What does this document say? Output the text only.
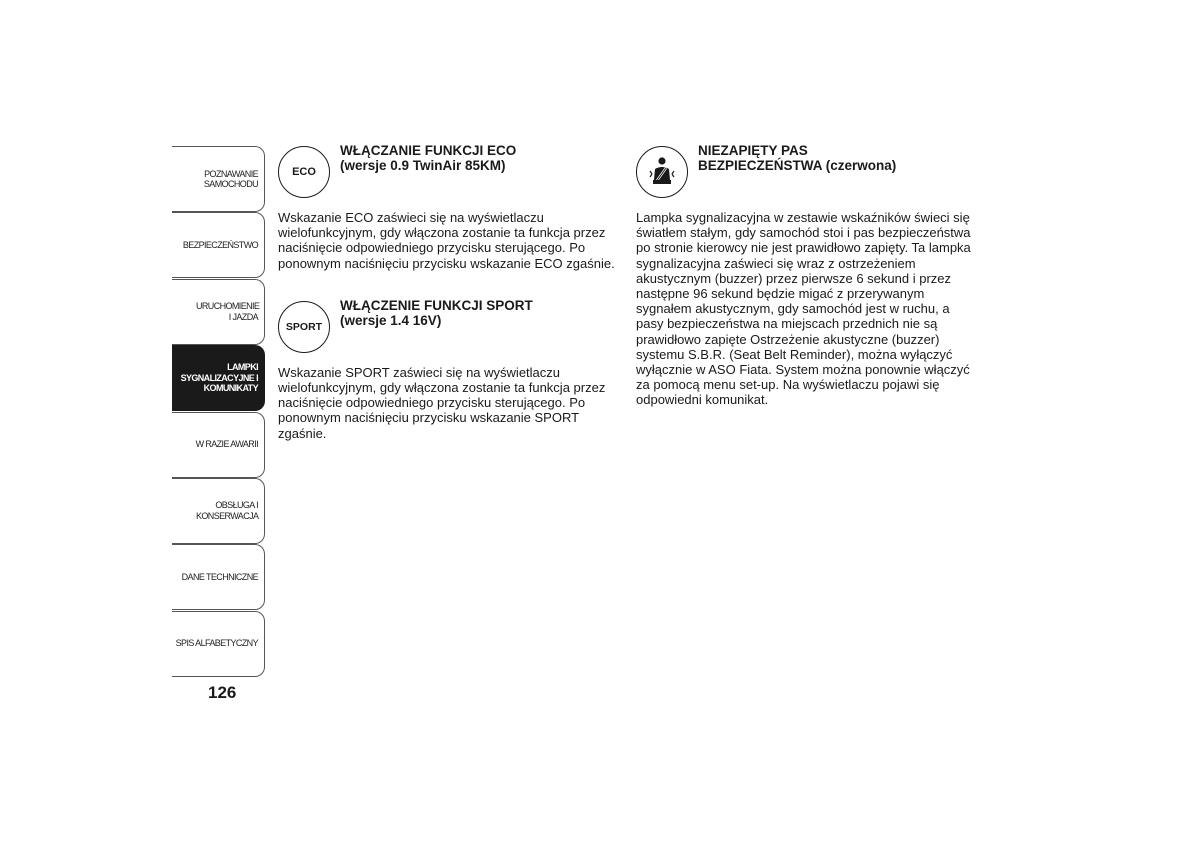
POZNAWANIE SAMOCHODU
BEZPIECZEŃSTWO
URUCHOMIENIE I JAZDA
LAMPKI SYGNALIZACYJNE I KOMUNIKATY
W RAZIE AWARII
OBSŁUGA I KONSERWACJA
DANE TECHNICZNE
SPIS ALFABETYCZNY
126
ECO
WŁĄCZANIE FUNKCJI ECO
(wersje 0.9 TwinAir 85KM)

Wskazanie ECO zaświeci się na wyświetlaczu wielofunkcyjnym, gdy włączona zostanie ta funkcja przez naciśnięcie odpowiedniego przycisku sterującego. Po ponownym naciśnięciu przycisku wskazanie ECO zgaśnie.

SPORT
WŁĄCZENIE FUNKCJI SPORT
(wersje 1.4 16V)

Wskazanie SPORT zaświeci się na wyświetlaczu wielofunkcyjnym, gdy włączona zostanie ta funkcja przez naciśnięcie odpowiedniego przycisku sterującego. Po ponownym naciśnięciu przycisku wskazanie SPORT zgaśnie.

NIEZAPIĘTY PAS
BEZPIECZEŃSTWA (czerwona)

Lampka sygnalizacyjna w zestawie wskaźników świeci się światłem stałym, gdy samochód stoi i pas bezpieczeństwa po stronie kierowcy nie jest prawidłowo zapięty. Ta lampka sygnalizacyjna zaświeci się wraz z ostrzeżeniem akustycznym (buzzer) przez pierwsze 6 sekund i przez następne 96 sekund będzie migać z przerywanym sygnałem akustycznym, gdy samochód jest w ruchu, a pasy bezpieczeństwa na miejscach przednich nie są prawidłowo zapięte Ostrzeżenie akustyczne (buzzer) systemu S.B.R. (Seat Belt Reminder), można wyłączyć wyłącznie w ASO Fiata. System można ponownie włączyć za pomocą menu set-up. Na wyświetlaczu pojawi się odpowiedni komunikat.
